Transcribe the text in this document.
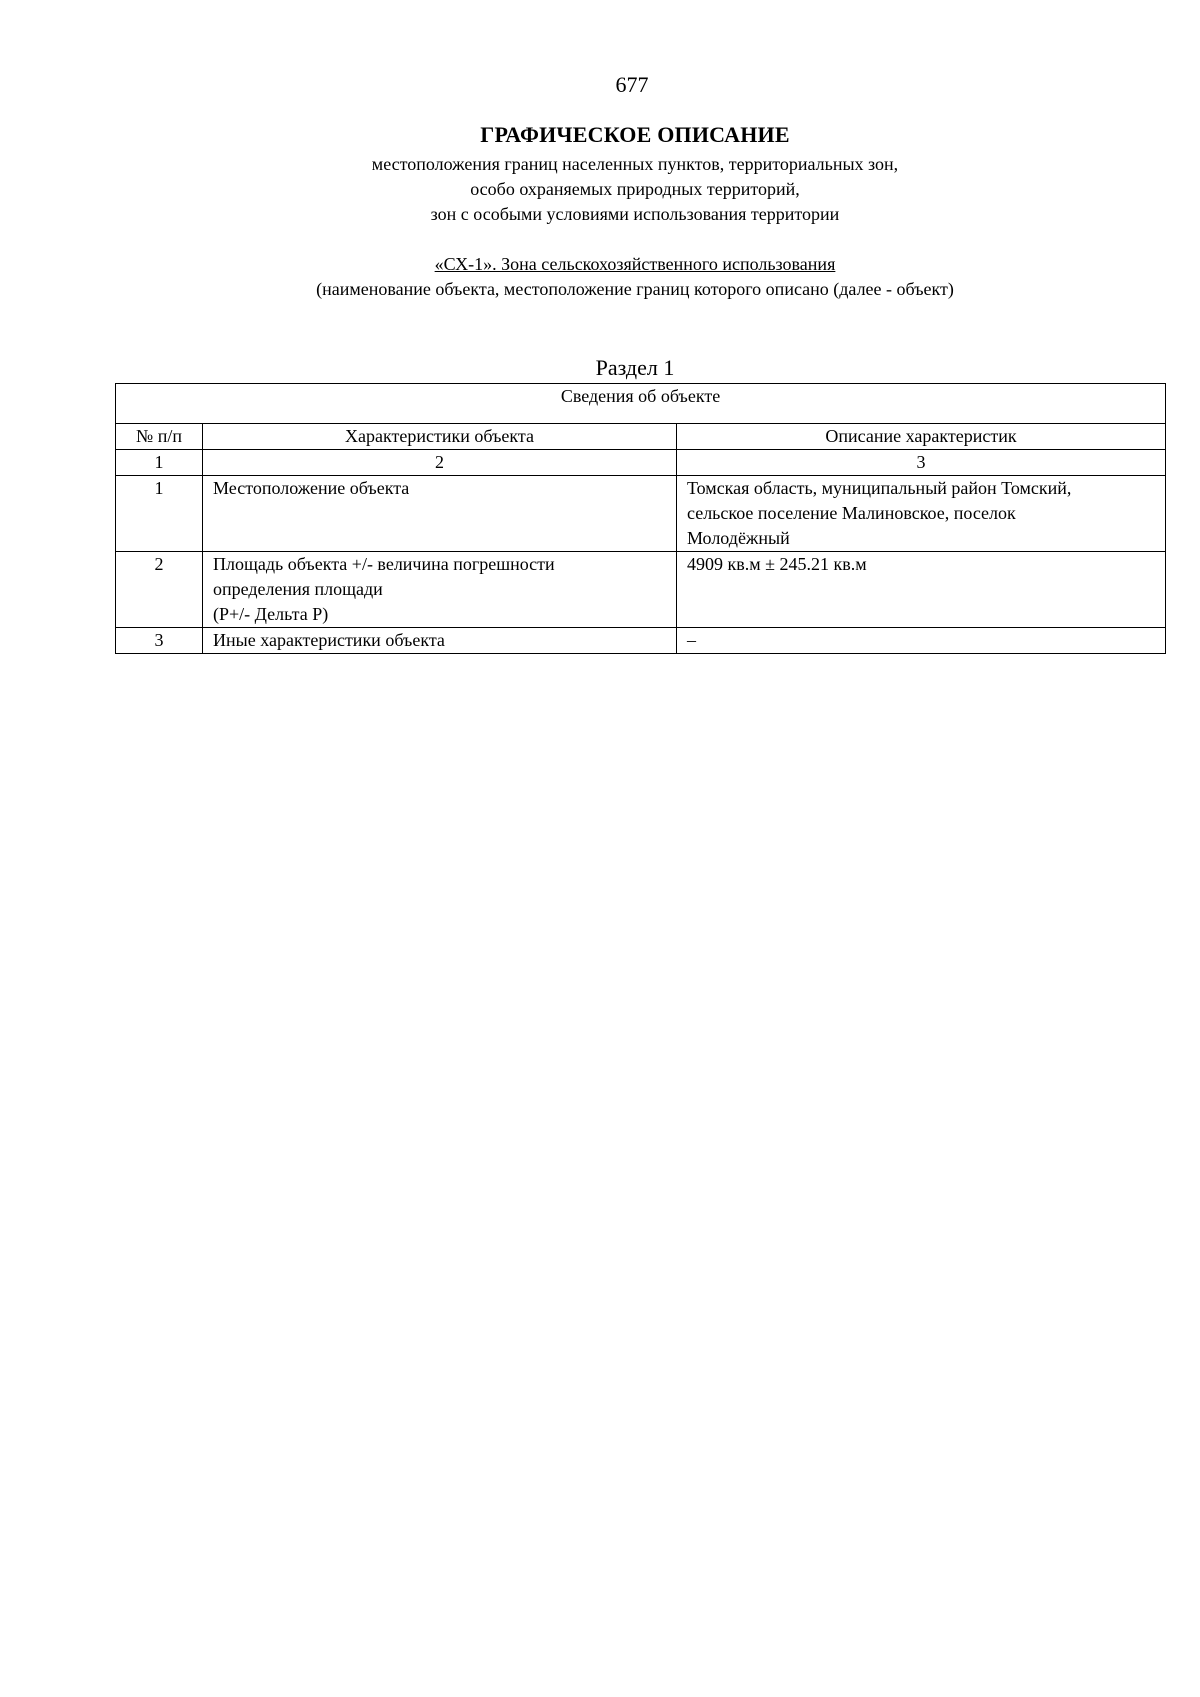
677
ГРАФИЧЕСКОЕ ОПИСАНИЕ
местоположения границ населенных пунктов, территориальных зон,
особо охраняемых природных территорий,
зон с особыми условиями использования территории
«СХ-1». Зона сельскохозяйственного использования
(наименование объекта, местоположение границ которого описано (далее - объект)
Раздел 1
Сведения об объекте		
№ п/п	Характеристики объекта	Описание характеристик
1	2	3
1	Местоположение объекта	Томская область, муниципальный район Томский,
сельское поселение Малиновское, поселок
Молодёжный

2	Площадь объекта +/- величина погрешности
определения площади
(Р+/- Дельта Р)	4909 кв.м ± 245.21 кв.м

3	Иные характеристики объекта	–
